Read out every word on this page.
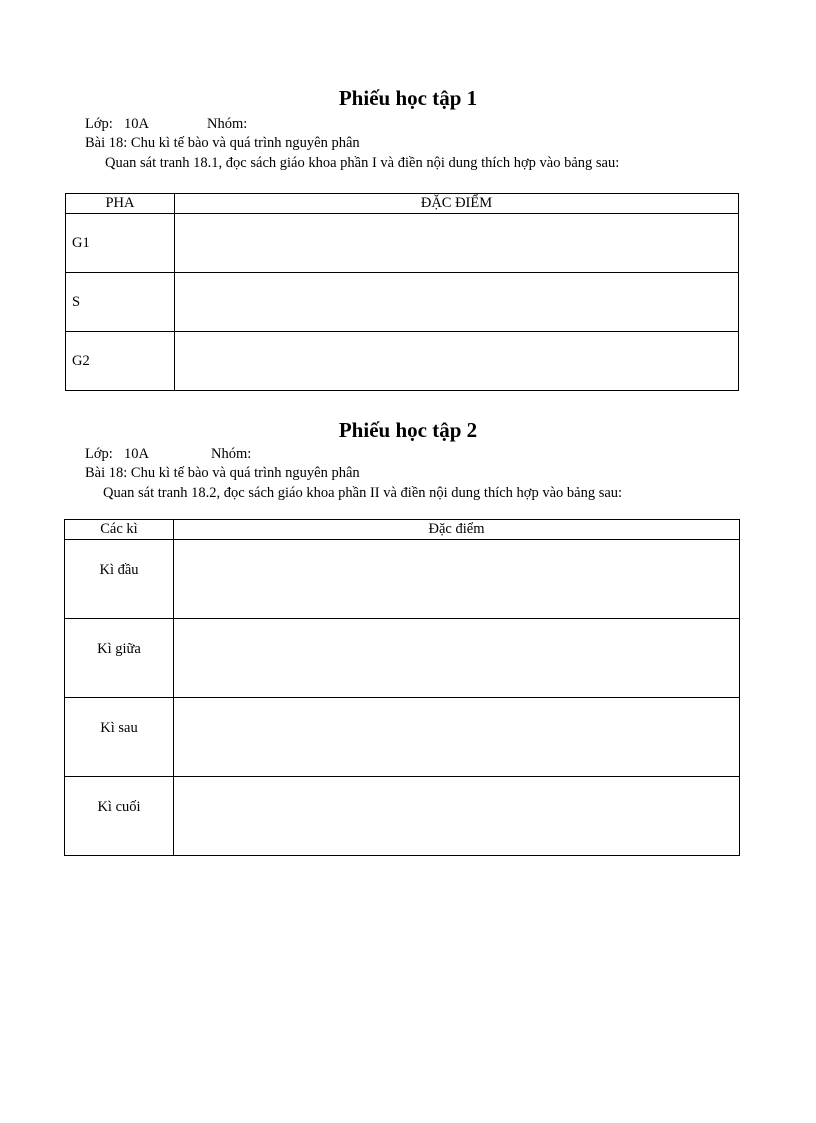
Phiếu học tập 1
Lớp: 10A	Nhóm:
Bài 18: Chu kì tế bào và quá trình nguyên phân
Quan sát tranh 18.1, đọc sách giáo khoa phần I và điền nội dung thích hợp vào bảng sau:
PHA	ĐẶC ĐIỂM
G1	
S	
G2	
Phiếu học tập 2
Lớp: 10A	Nhóm:
Bài 18: Chu kì tế bào và quá trình nguyên phân
Quan sát tranh 18.2, đọc sách giáo khoa phần II và điền nội dung thích hợp vào bảng sau:
Các kì	Đặc điểm
Kì đầu	
Kì giữa	
Kì sau	
Kì cuối	
